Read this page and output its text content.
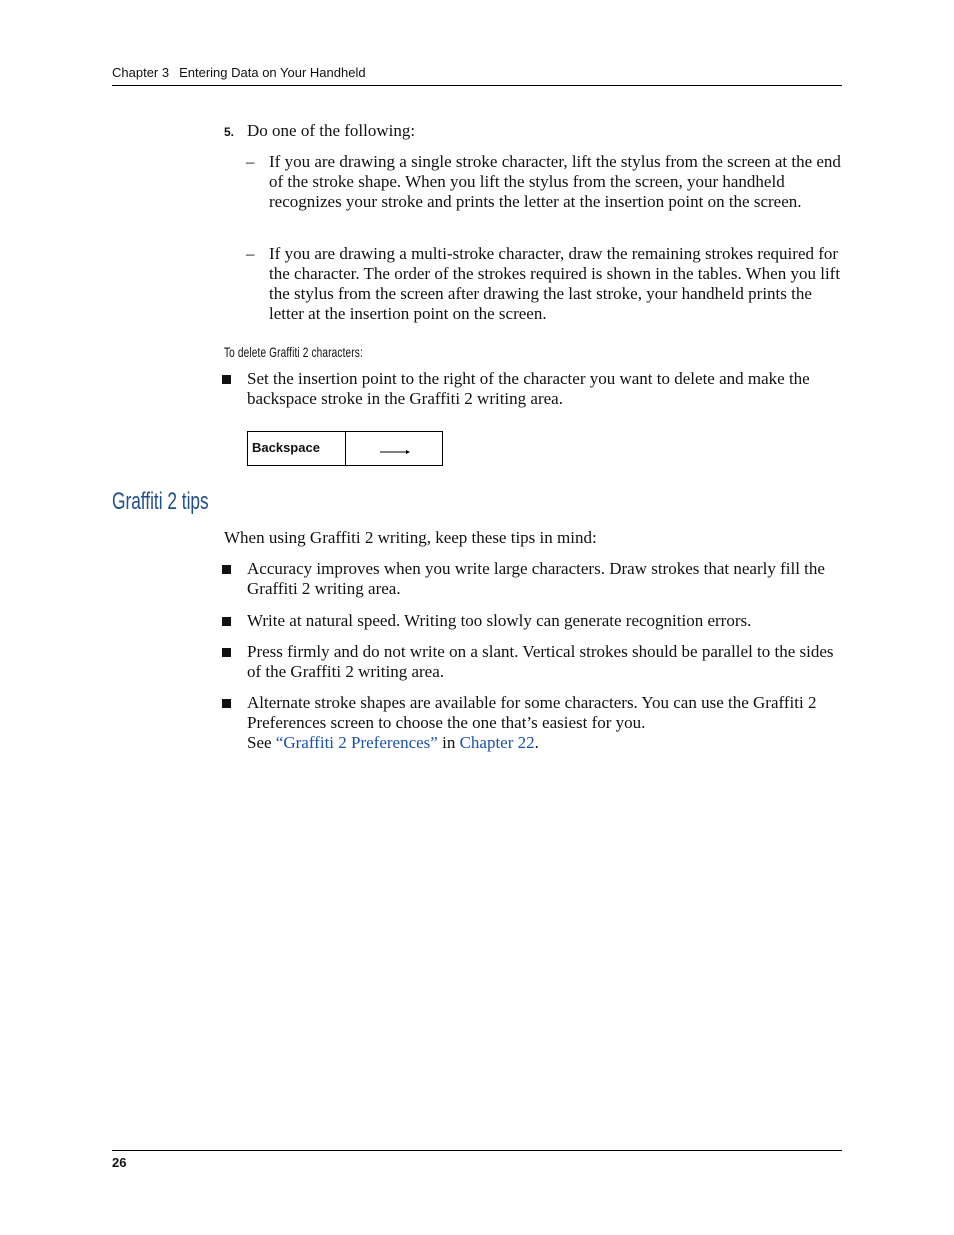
Chapter 3 Entering Data on Your Handheld
5. Do one of the following:
– If you are drawing a single stroke character, lift the stylus from the screen at the end of the stroke shape. When you lift the stylus from the screen, your handheld recognizes your stroke and prints the letter at the insertion point on the screen.
– If you are drawing a multi-stroke character, draw the remaining strokes required for the character. The order of the strokes required is shown in the tables. When you lift the stylus from the screen after drawing the last stroke, your handheld prints the letter at the insertion point on the screen.
To delete Graffiti 2 characters:
Set the insertion point to the right of the character you want to delete and make the backspace stroke in the Graffiti 2 writing area.
Backspace
Graffiti 2 tips
When using Graffiti 2 writing, keep these tips in mind:
Accuracy improves when you write large characters. Draw strokes that nearly fill the Graffiti 2 writing area.
Write at natural speed. Writing too slowly can generate recognition errors.
Press firmly and do not write on a slant. Vertical strokes should be parallel to the sides of the Graffiti 2 writing area.
Alternate stroke shapes are available for some characters. You can use the Graffiti 2 Preferences screen to choose the one that’s easiest for you.
See “Graffiti 2 Preferences” in Chapter 22.
26
